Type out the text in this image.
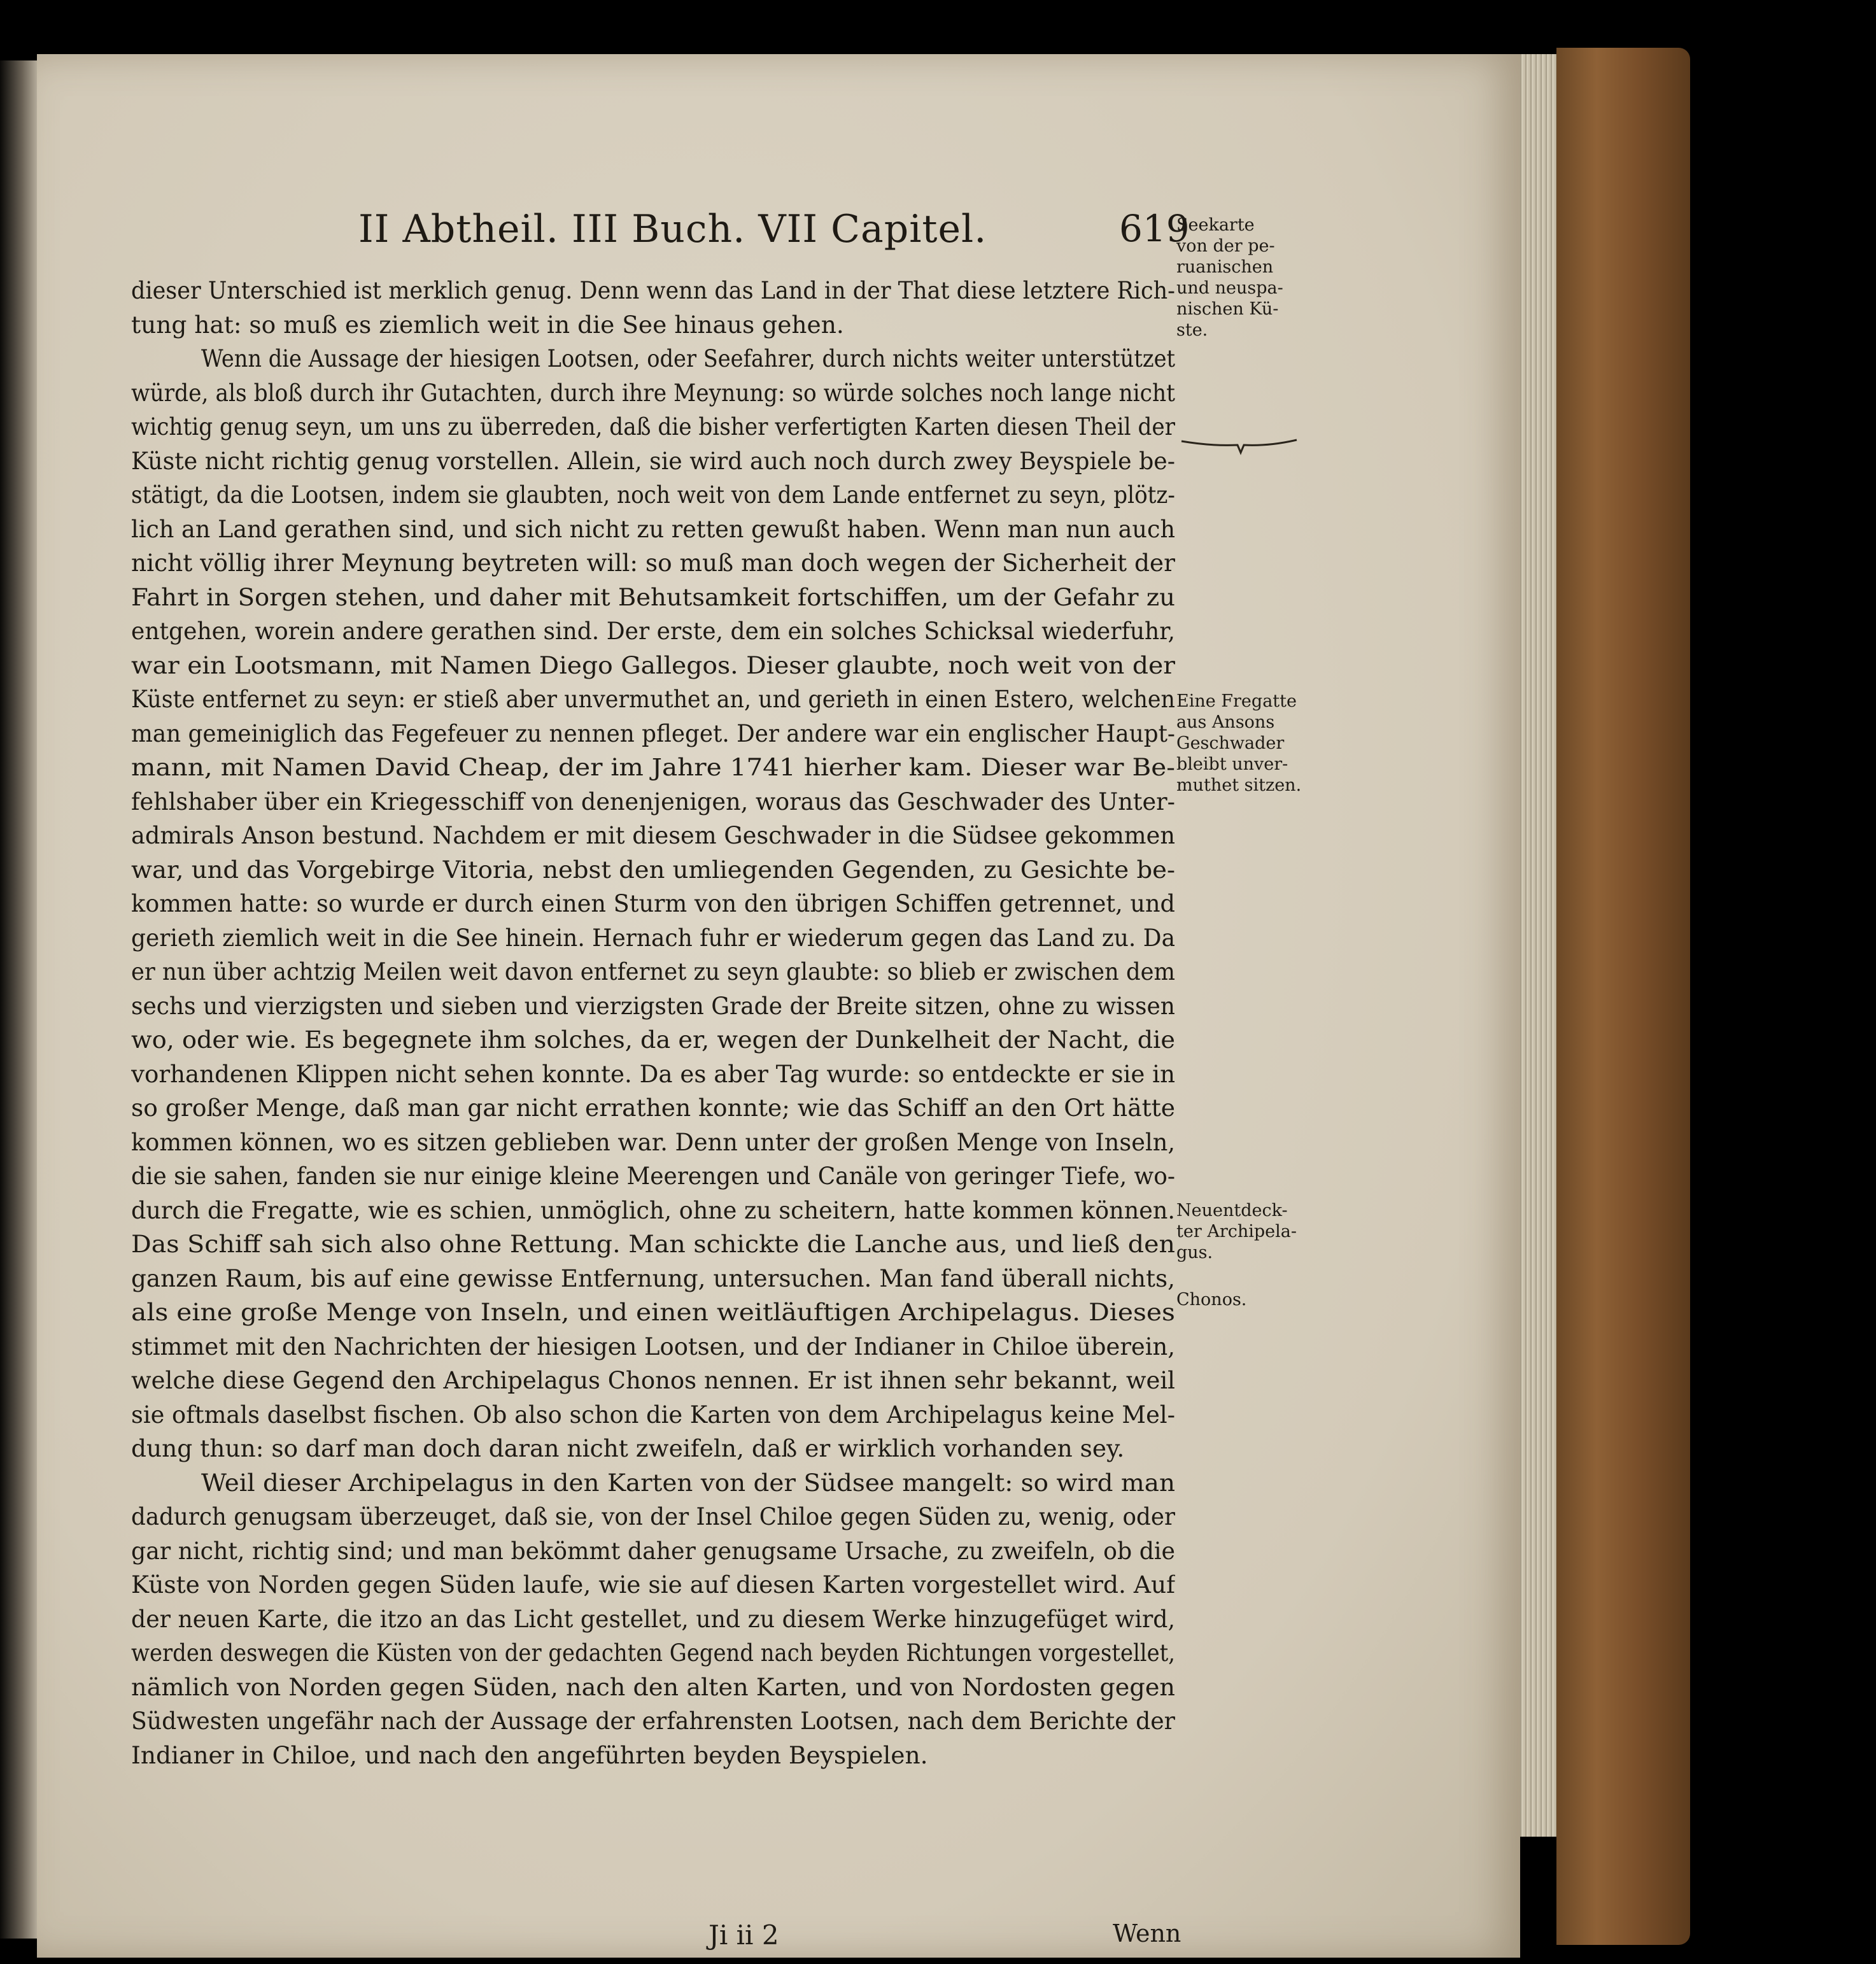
II Abtheil. III Buch. VII Capitel.	619
dieser Unterschied ist merklich genug. Denn wenn das Land in der That diese letztere Rich-
tung hat: so muß es ziemlich weit in die See hinaus gehen.
Wenn die Aussage der hiesigen Lootsen, oder Seefahrer, durch nichts weiter unterstützet
würde, als bloß durch ihr Gutachten, durch ihre Meynung: so würde solches noch lange nicht
wichtig genug seyn, um uns zu überreden, daß die bisher verfertigten Karten diesen Theil der
Küste nicht richtig genug vorstellen. Allein, sie wird auch noch durch zwey Beyspiele be-
stätigt, da die Lootsen, indem sie glaubten, noch weit von dem Lande entfernet zu seyn, plötz-
lich an Land gerathen sind, und sich nicht zu retten gewußt haben. Wenn man nun auch
nicht völlig ihrer Meynung beytreten will: so muß man doch wegen der Sicherheit der
Fahrt in Sorgen stehen, und daher mit Behutsamkeit fortschiffen, um der Gefahr zu
entgehen, worein andere gerathen sind. Der erste, dem ein solches Schicksal wiederfuhr,
war ein Lootsmann, mit Namen Diego Gallegos. Dieser glaubte, noch weit von der
Küste entfernet zu seyn: er stieß aber unvermuthet an, und gerieth in einen Estero, welchen
man gemeiniglich das Fegefeuer zu nennen pfleget. Der andere war ein englischer Haupt-
mann, mit Namen David Cheap, der im Jahre 1741 hierher kam. Dieser war Be-
fehlshaber über ein Kriegesschiff von denenjenigen, woraus das Geschwader des Unter-
admirals Anson bestund. Nachdem er mit diesem Geschwader in die Südsee gekommen
war, und das Vorgebirge Vitoria, nebst den umliegenden Gegenden, zu Gesichte be-
kommen hatte: so wurde er durch einen Sturm von den übrigen Schiffen getrennet, und
gerieth ziemlich weit in die See hinein. Hernach fuhr er wiederum gegen das Land zu. Da
er nun über achtzig Meilen weit davon entfernet zu seyn glaubte: so blieb er zwischen dem
sechs und vierzigsten und sieben und vierzigsten Grade der Breite sitzen, ohne zu wissen
wo, oder wie. Es begegnete ihm solches, da er, wegen der Dunkelheit der Nacht, die
vorhandenen Klippen nicht sehen konnte. Da es aber Tag wurde: so entdeckte er sie in
so großer Menge, daß man gar nicht errathen konnte; wie das Schiff an den Ort hätte
kommen können, wo es sitzen geblieben war. Denn unter der großen Menge von Inseln,
die sie sahen, fanden sie nur einige kleine Meerengen und Canäle von geringer Tiefe, wo-
durch die Fregatte, wie es schien, unmöglich, ohne zu scheitern, hatte kommen können.
Das Schiff sah sich also ohne Rettung. Man schickte die Lanche aus, und ließ den
ganzen Raum, bis auf eine gewisse Entfernung, untersuchen. Man fand überall nichts,
als eine große Menge von Inseln, und einen weitläuftigen Archipelagus. Dieses
stimmet mit den Nachrichten der hiesigen Lootsen, und der Indianer in Chiloe überein,
welche diese Gegend den Archipelagus Chonos nennen. Er ist ihnen sehr bekannt, weil
sie oftmals daselbst fischen. Ob also schon die Karten von dem Archipelagus keine Mel-
dung thun: so darf man doch daran nicht zweifeln, daß er wirklich vorhanden sey.
Weil dieser Archipelagus in den Karten von der Südsee mangelt: so wird man
dadurch genugsam überzeuget, daß sie, von der Insel Chiloe gegen Süden zu, wenig, oder
gar nicht, richtig sind; und man bekömmt daher genugsame Ursache, zu zweifeln, ob die
Küste von Norden gegen Süden laufe, wie sie auf diesen Karten vorgestellet wird. Auf
der neuen Karte, die itzo an das Licht gestellet, und zu diesem Werke hinzugefüget wird,
werden deswegen die Küsten von der gedachten Gegend nach beyden Richtungen vorgestellet,
nämlich von Norden gegen Süden, nach den alten Karten, und von Nordosten gegen
Südwesten ungefähr nach der Aussage der erfahrensten Lootsen, nach dem Berichte der
Indianer in Chiloe, und nach den angeführten beyden Beyspielen.
Seekarte
von der pe-
ruanischen
und neuspa-
nischen Kü-
ste.
Eine Fregatte
aus Ansons
Geschwader
bleibt unver-
muthet sitzen.
Neuentdeck-
ter Archipela-
gus.
Chonos.
Ji ii 2	Wenn
